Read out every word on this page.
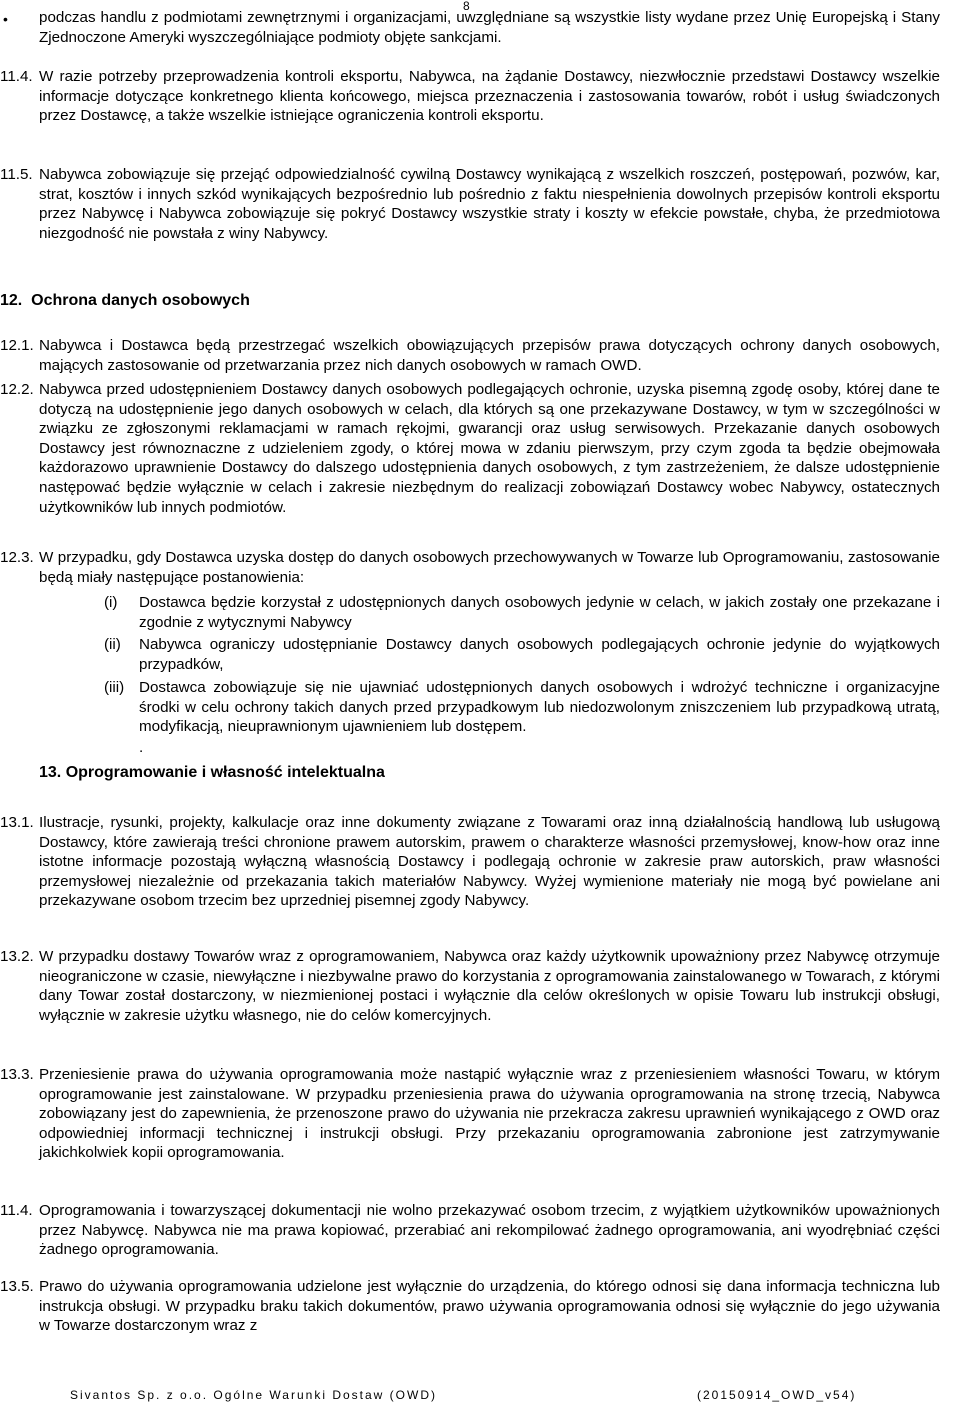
8
• podczas handlu z podmiotami zewnętrznymi i organizacjami, uwzględniane są wszystkie listy wydane przez Unię Europejską i Stany Zjednoczone Ameryki wyszczególniające podmioty objęte sankcjami.
11.4. W razie potrzeby przeprowadzenia kontroli eksportu, Nabywca, na żądanie Dostawcy, niezwłocznie przedstawi Dostawcy wszelkie informacje dotyczące konkretnego klienta końcowego, miejsca przeznaczenia i zastosowania towarów, robót i usług świadczonych przez Dostawcę, a także wszelkie istniejące ograniczenia kontroli eksportu.
11.5. Nabywca zobowiązuje się przejąć odpowiedzialność cywilną Dostawcy wynikającą z wszelkich roszczeń, postępowań, pozwów, kar, strat, kosztów i innych szkód wynikających bezpośrednio lub pośrednio z faktu niespełnienia dowolnych przepisów kontroli eksportu przez Nabywcę i Nabywca zobowiązuje się pokryć Dostawcy wszystkie straty i koszty w efekcie powstałe, chyba, że przedmiotowa niezgodność nie powstała z winy Nabywcy.
12.  Ochrona danych osobowych
12.1. Nabywca i Dostawca będą przestrzegać wszelkich obowiązujących przepisów prawa dotyczących ochrony danych osobowych, mających zastosowanie od przetwarzania przez nich danych osobowych w ramach OWD.
12.2. Nabywca przed udostępnieniem Dostawcy danych osobowych podlegających ochronie, uzyska pisemną zgodę osoby, której dane te dotyczą na udostępnienie jego danych osobowych w celach, dla których są one przekazywane Dostawcy, w tym w szczególności w związku ze zgłoszonymi reklamacjami w ramach rękojmi, gwarancji oraz usług serwisowych. Przekazanie danych osobowych Dostawcy jest równoznaczne z udzieleniem zgody, o której mowa w zdaniu pierwszym, przy czym zgoda ta będzie obejmowała każdorazowo uprawnienie Dostawcy do dalszego udostępnienia danych osobowych, z tym zastrzeżeniem, że dalsze udostępnienie następować będzie wyłącznie w celach i zakresie niezbędnym do realizacji zobowiązań Dostawcy wobec Nabywcy, ostatecznych użytkowników lub innych podmiotów.
12.3. W przypadku, gdy Dostawca uzyska dostęp do danych osobowych przechowywanych w Towarze lub Oprogramowaniu, zastosowanie będą miały następujące postanowienia:
(i) Dostawca będzie korzystał z udostępnionych danych osobowych jedynie w celach, w jakich zostały one przekazane i zgodnie z wytycznymi Nabywcy
(ii) Nabywca ograniczy udostępnianie Dostawcy danych osobowych podlegających ochronie jedynie do wyjątkowych przypadków,
(iii) Dostawca zobowiązuje się nie ujawniać udostępnionych danych osobowych i wdrożyć techniczne i organizacyjne środki w celu ochrony takich danych przed przypadkowym lub niedozwolonym zniszczeniem lub przypadkową utratą, modyfikacją, nieuprawnionym ujawnieniem lub dostępem.
.
13. Oprogramowanie i własność intelektualna
13.1. Ilustracje, rysunki, projekty, kalkulacje oraz inne dokumenty związane z Towarami oraz inną działalnością handlową lub usługową Dostawcy, które zawierają treści chronione prawem autorskim, prawem o charakterze własności przemysłowej, know-how oraz inne istotne informacje pozostają wyłączną własnością Dostawcy i podlegają ochronie w zakresie praw autorskich, praw własności przemysłowej niezależnie od przekazania takich materiałów Nabywcy. Wyżej wymienione materiały nie mogą być powielane ani przekazywane osobom trzecim bez uprzedniej pisemnej zgody Nabywcy.
13.2. W przypadku dostawy Towarów wraz z oprogramowaniem, Nabywca oraz każdy użytkownik upoważniony przez Nabywcę otrzymuje nieograniczone w czasie, niewyłączne i niezbywalne prawo do korzystania z oprogramowania zainstalowanego w Towarach, z którymi dany Towar został dostarczony, w niezmienionej postaci i wyłącznie dla celów określonych w opisie Towaru lub instrukcji obsługi, wyłącznie w zakresie użytku własnego, nie do celów komercyjnych.
13.3. Przeniesienie prawa do używania oprogramowania może nastąpić wyłącznie wraz z przeniesieniem własności Towaru, w którym oprogramowanie jest zainstalowane. W przypadku przeniesienia prawa do używania oprogramowania na stronę trzecią, Nabywca zobowiązany jest do zapewnienia, że przenoszone prawo do używania nie przekracza zakresu uprawnień wynikającego z OWD oraz odpowiedniej informacji technicznej i instrukcji obsługi. Przy przekazaniu oprogramowania zabronione jest zatrzymywanie jakichkolwiek kopii oprogramowania.
11.4. Oprogramowania i towarzyszącej dokumentacji nie wolno przekazywać osobom trzecim, z wyjątkiem użytkowników upoważnionych przez Nabywcę. Nabywca nie ma prawa kopiować, przerabiać ani rekompilować żadnego oprogramowania, ani wyodrębniać części żadnego oprogramowania.
13.5. Prawo do używania oprogramowania udzielone jest wyłącznie do urządzenia, do którego odnosi się dana informacja techniczna lub instrukcja obsługi. W przypadku braku takich dokumentów, prawo używania oprogramowania odnosi się wyłącznie do jego używania w Towarze dostarczonym wraz z
Sivantos Sp. z o.o. Ogólne Warunki Dostaw (OWD)	(20150914_OWD_v54)
